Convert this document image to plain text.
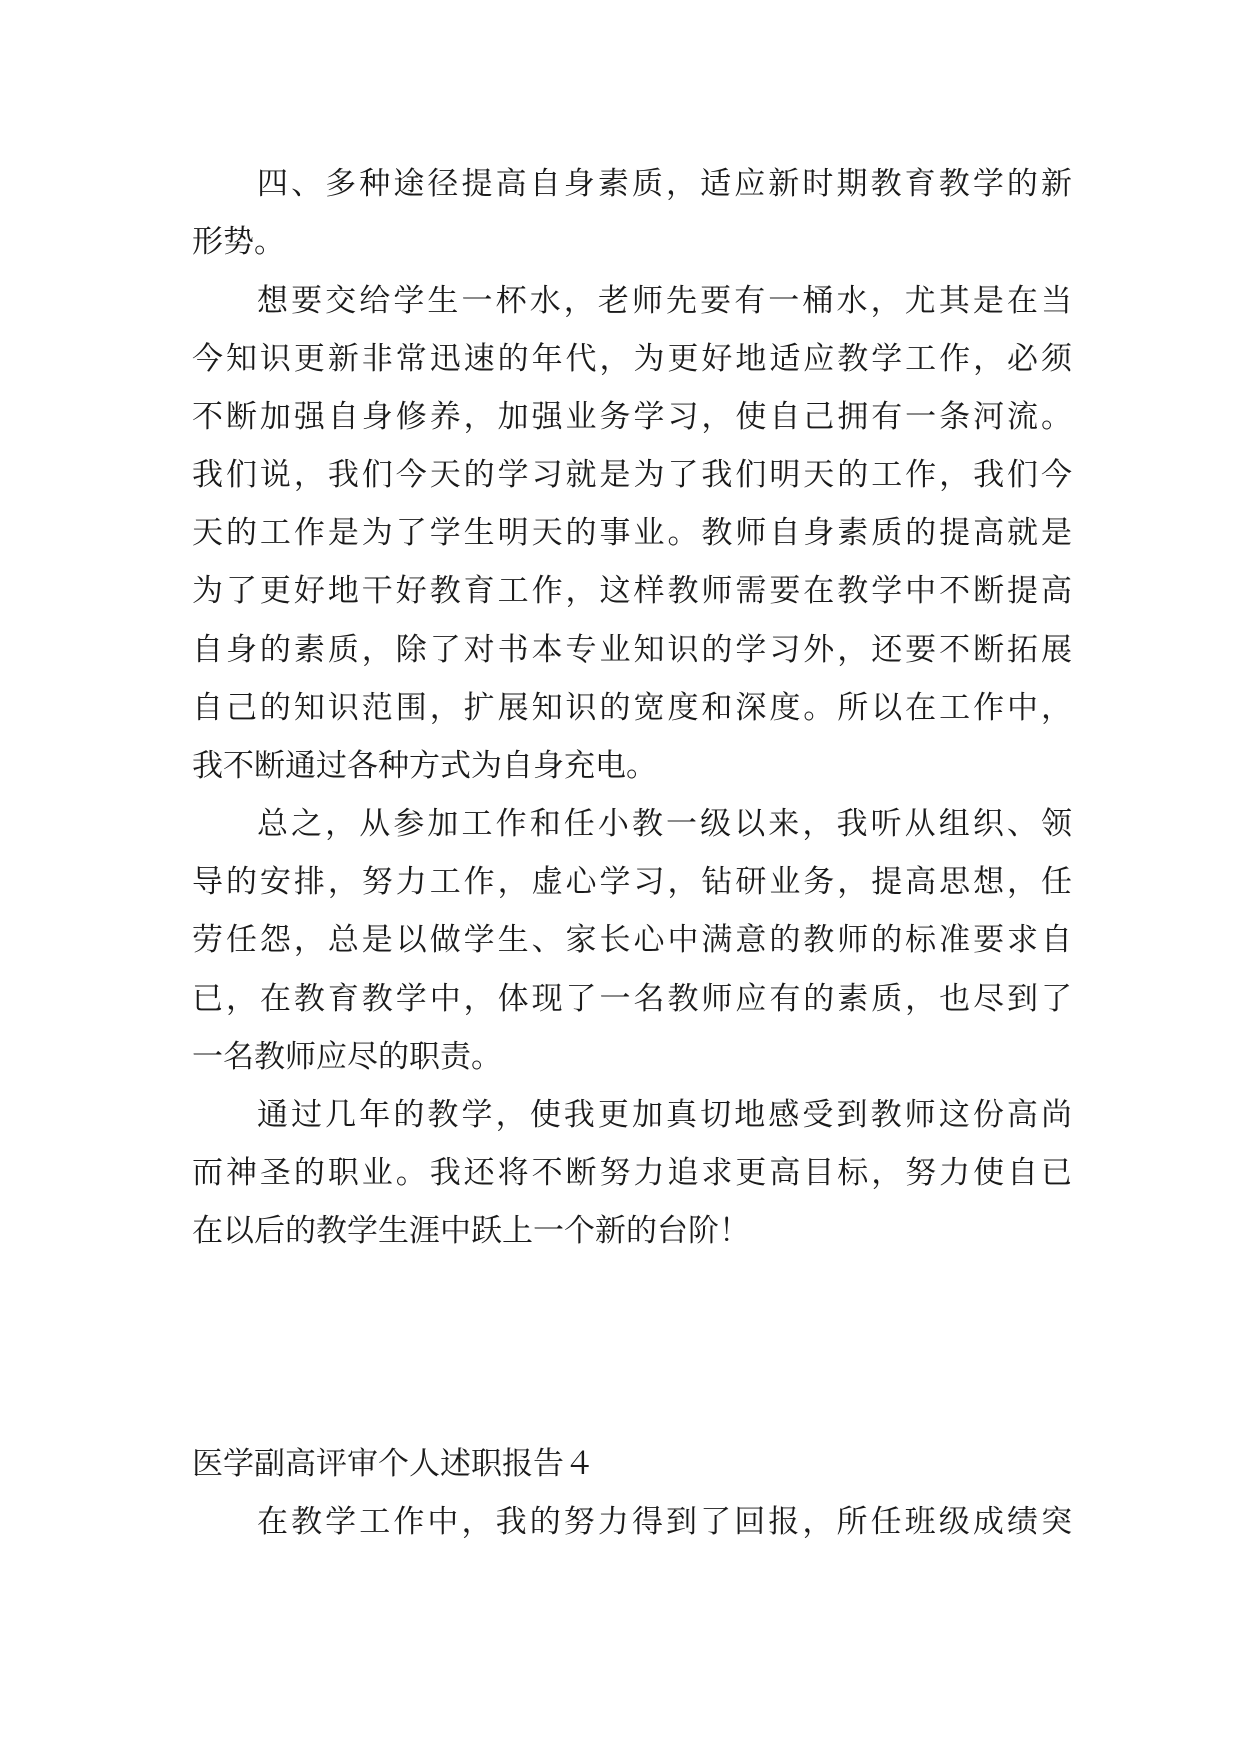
四、多种途径提高自身素质，适应新时期教育教学的新
形势。
想要交给学生一杯水，老师先要有一桶水，尤其是在当
今知识更新非常迅速的年代，为更好地适应教学工作，必须
不断加强自身修养，加强业务学习，使自己拥有一条河流。
我们说，我们今天的学习就是为了我们明天的工作，我们今
天的工作是为了学生明天的事业。教师自身素质的提高就是
为了更好地干好教育工作，这样教师需要在教学中不断提高
自身的素质，除了对书本专业知识的学习外，还要不断拓展
自己的知识范围，扩展知识的宽度和深度。所以在工作中，
我不断通过各种方式为自身充电。
总之，从参加工作和任小教一级以来，我听从组织、领
导的安排，努力工作，虚心学习，钻研业务，提高思想，任
劳任怨，总是以做学生、家长心中满意的教师的标准要求自
已，在教育教学中，体现了一名教师应有的素质，也尽到了
一名教师应尽的职责。
通过几年的教学，使我更加真切地感受到教师这份高尚
而神圣的职业。我还将不断努力追求更高目标，努力使自已
在以后的教学生涯中跃上一个新的台阶！
医学副高评审个人述职报告４
在教学工作中，我的努力得到了回报，所任班级成绩突
